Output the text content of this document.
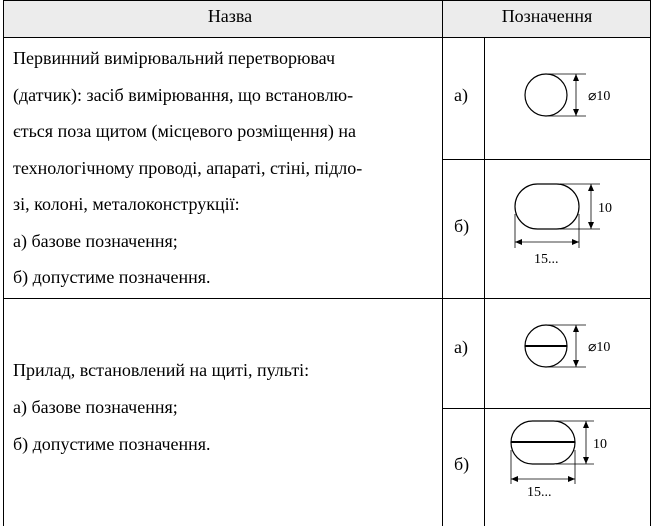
Назва	Позначення
Первинний вимірювальний перетворювач
(датчик): засіб вимірювання, що встановлю-
ється поза щитом (місцевого розміщення) на
технологічному проводі, апараті, стіні, підло-
зі, колоні, металоконструкції:
а) базове позначення;
б) допустиме позначення.
Прилад, встановлений на щиті, пульті:
а) базове позначення;
б) допустиме позначення.
а)
б)
а)
б)
⌀10
10
15...
⌀10
10
15...
